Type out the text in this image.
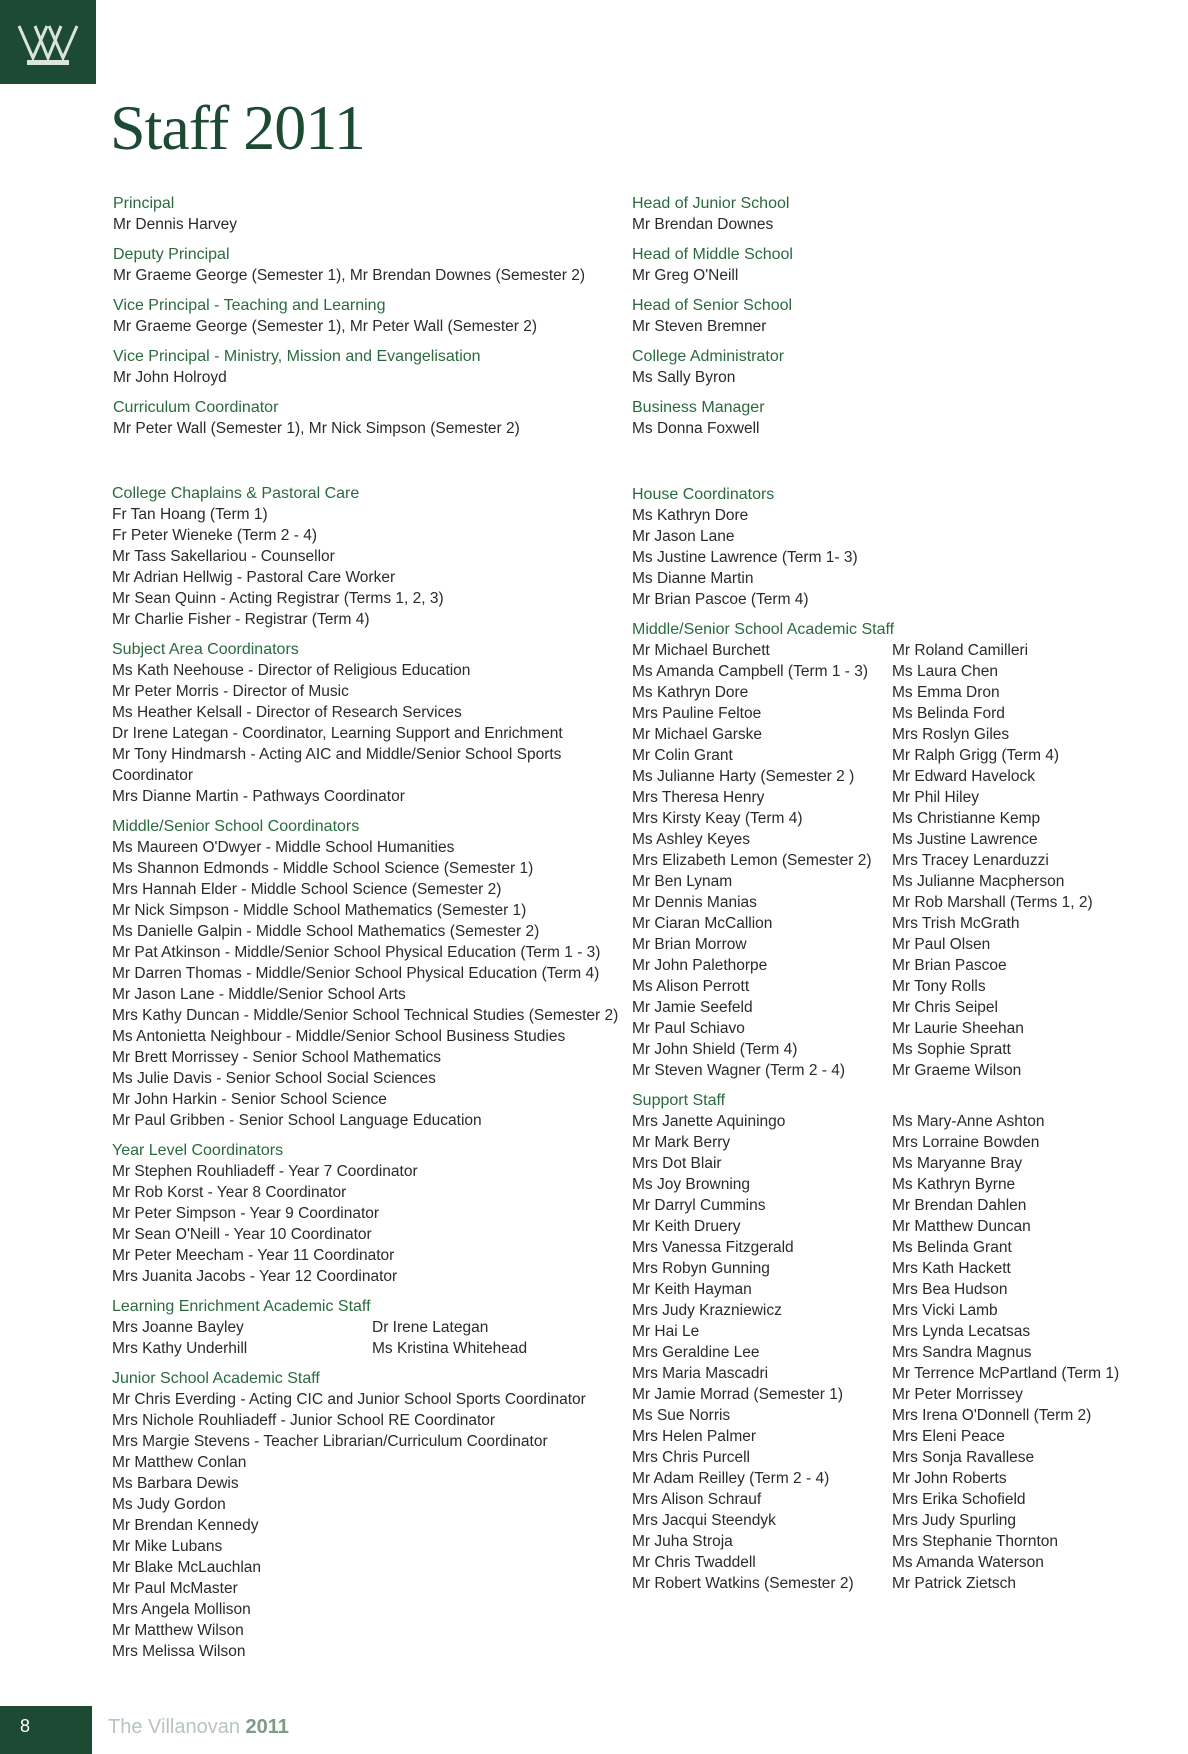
Staff 2011
Principal
Mr Dennis Harvey
Deputy Principal
Mr Graeme George (Semester 1), Mr Brendan Downes (Semester 2)
Vice Principal - Teaching and Learning
Mr Graeme George (Semester 1), Mr Peter Wall (Semester 2)
Vice Principal - Ministry, Mission and Evangelisation
Mr John Holroyd
Curriculum Coordinator
Mr Peter Wall (Semester 1), Mr Nick Simpson (Semester 2)
Head of Junior School
Mr Brendan Downes
Head of Middle School
Mr Greg O'Neill
Head of Senior School
Mr Steven Bremner
College Administrator
Ms Sally Byron
Business Manager
Ms Donna Foxwell
College Chaplains & Pastoral Care
Fr Tan Hoang (Term 1)
Fr Peter Wieneke (Term 2 - 4)
Mr Tass Sakellariou - Counsellor
Mr Adrian Hellwig - Pastoral Care Worker
Mr Sean Quinn - Acting Registrar (Terms 1, 2, 3)
Mr Charlie Fisher - Registrar (Term 4)
Subject Area Coordinators
Ms Kath Neehouse - Director of Religious Education
Mr Peter Morris - Director of Music
Ms Heather Kelsall - Director of Research Services
Dr Irene Lategan - Coordinator, Learning Support and Enrichment
Mr Tony Hindmarsh - Acting AIC and Middle/Senior School Sports
Coordinator
Mrs Dianne Martin - Pathways Coordinator
Middle/Senior School Coordinators
Ms Maureen O'Dwyer - Middle School Humanities
Ms Shannon Edmonds - Middle School Science (Semester 1)
Mrs Hannah Elder - Middle School Science (Semester 2)
Mr Nick Simpson - Middle School Mathematics (Semester 1)
Ms Danielle Galpin - Middle School Mathematics (Semester 2)
Mr Pat Atkinson - Middle/Senior School Physical Education (Term 1 - 3)
Mr Darren Thomas - Middle/Senior School Physical Education (Term 4)
Mr Jason Lane - Middle/Senior School Arts
Mrs Kathy Duncan - Middle/Senior School Technical Studies (Semester 2)
Ms Antonietta Neighbour - Middle/Senior School Business Studies
Mr Brett Morrissey - Senior School Mathematics
Ms Julie Davis - Senior School Social Sciences
Mr John Harkin - Senior School Science
Mr Paul Gribben - Senior School Language Education
Year Level Coordinators
Mr Stephen Rouhliadeff - Year 7 Coordinator
Mr Rob Korst - Year 8 Coordinator
Mr Peter Simpson - Year 9 Coordinator
Mr Sean O'Neill - Year 10 Coordinator
Mr Peter Meecham - Year 11 Coordinator
Mrs Juanita Jacobs - Year 12 Coordinator
Learning Enrichment Academic Staff
Mrs Joanne Bayley
Mrs Kathy Underhill
Dr Irene Lategan
Ms Kristina Whitehead
Junior School Academic Staff
Mr Chris Everding - Acting CIC and Junior School Sports Coordinator
Mrs Nichole Rouhliadeff - Junior School RE Coordinator
Mrs Margie Stevens - Teacher Librarian/Curriculum Coordinator
Mr Matthew Conlan
Ms Barbara Dewis
Ms Judy Gordon
Mr Brendan Kennedy
Mr Mike Lubans
Mr Blake McLauchlan
Mr Paul McMaster
Mrs Angela Mollison
Mr Matthew Wilson
Mrs Melissa Wilson
House Coordinators
Ms Kathryn Dore
Mr Jason Lane
Ms Justine Lawrence (Term 1- 3)
Ms Dianne Martin
Mr Brian Pascoe (Term 4)
Middle/Senior School Academic Staff
Mr Michael Burchett
Ms Amanda Campbell (Term 1 - 3)
Ms Kathryn Dore
Mrs Pauline Feltoe
Mr Michael Garske
Mr Colin Grant
Ms Julianne Harty (Semester 2 )
Mrs Theresa Henry
Mrs Kirsty Keay (Term 4)
Ms Ashley Keyes
Mrs Elizabeth Lemon (Semester 2)
Mr Ben Lynam
Mr Dennis Manias
Mr Ciaran McCallion
Mr Brian Morrow
Mr John Palethorpe
Ms Alison Perrott
Mr Jamie Seefeld
Mr Paul Schiavo
Mr John Shield (Term 4)
Mr Steven Wagner (Term 2 - 4)
Mr Roland Camilleri
Ms Laura Chen
Ms Emma Dron
Ms Belinda Ford
Mrs Roslyn Giles
Mr Ralph Grigg (Term 4)
Mr Edward Havelock
Mr Phil Hiley
Ms Christianne Kemp
Ms Justine Lawrence
Mrs Tracey Lenarduzzi
Ms Julianne Macpherson
Mr Rob Marshall (Terms 1, 2)
Mrs Trish McGrath
Mr Paul Olsen
Mr Brian Pascoe
Mr Tony Rolls
Mr Chris Seipel
Mr Laurie Sheehan
Ms Sophie Spratt
Mr Graeme Wilson
Support Staff
Mrs Janette Aquiningo
Mr Mark Berry
Mrs Dot Blair
Ms Joy Browning
Mr Darryl Cummins
Mr Keith Druery
Mrs Vanessa Fitzgerald
Mrs Robyn Gunning
Mr Keith Hayman
Mrs Judy Krazniewicz
Mr Hai Le
Mrs Geraldine Lee
Mrs Maria Mascadri
Mr Jamie Morrad (Semester 1)
Ms Sue Norris
Mrs Helen Palmer
Mrs Chris Purcell
Mr Adam Reilley (Term 2 - 4)
Mrs Alison Schrauf
Mrs Jacqui Steendyk
Mr Juha Stroja
Mr Chris Twaddell
Mr Robert Watkins (Semester 2)
Ms Mary-Anne Ashton
Mrs Lorraine Bowden
Ms Maryanne Bray
Ms Kathryn Byrne
Mr Brendan Dahlen
Mr Matthew Duncan
Ms Belinda Grant
Mrs Kath Hackett
Mrs Bea Hudson
Mrs Vicki Lamb
Mrs Lynda Lecatsas
Mrs Sandra Magnus
Mr Terrence McPartland (Term 1)
Mr Peter Morrissey
Mrs Irena O'Donnell (Term 2)
Mrs Eleni Peace
Mrs Sonja Ravallese
Mr John Roberts
Mrs Erika Schofield
Mrs Judy Spurling
Mrs Stephanie Thornton
Ms Amanda Waterson
Mr Patrick Zietsch
8	The Villanovan 2011
